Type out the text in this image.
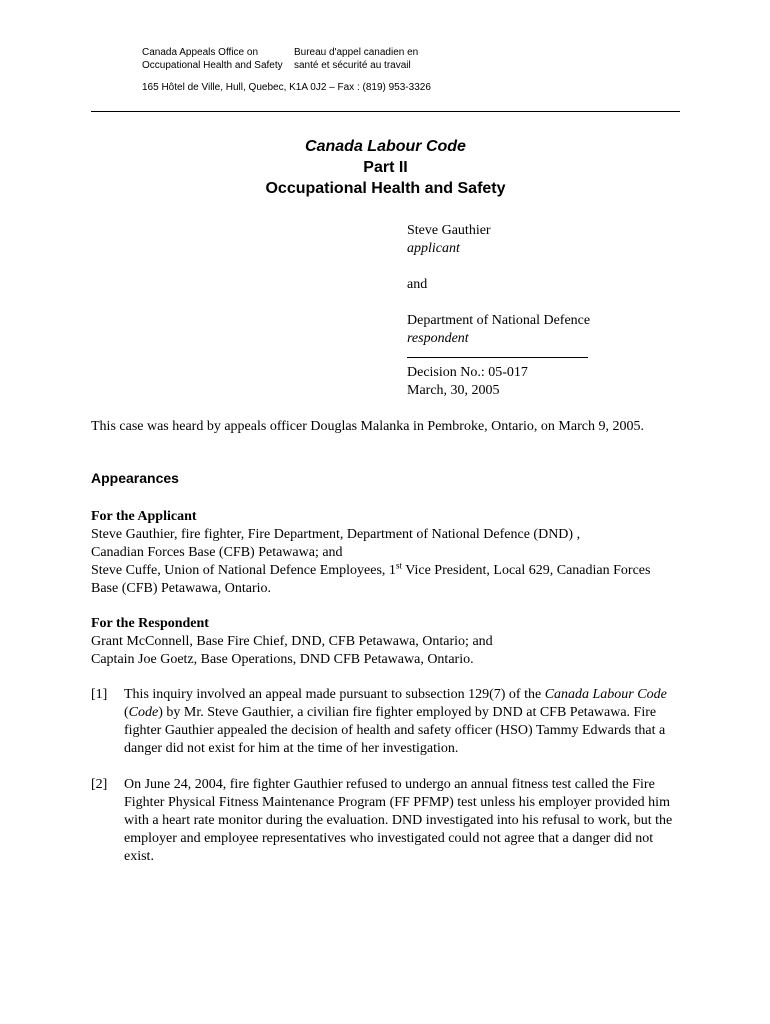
Canada Appeals Office on
Occupational Health and Safety
Bureau d'appel canadien en
santé et sécurité au travail
165 Hôtel de Ville, Hull, Quebec, K1A 0J2 – Fax : (819) 953-3326
Canada Labour Code
Part II
Occupational Health and Safety
Steve Gauthier
applicant
and
Department of National Defence
respondent
Decision No.: 05-017
March, 30, 2005
This case was heard by appeals officer Douglas Malanka in Pembroke, Ontario, on March 9, 2005.
Appearances
For the Applicant
Steve Gauthier, fire fighter, Fire Department, Department of National Defence (DND) ,
Canadian Forces Base (CFB) Petawawa; and
Steve Cuffe, Union of National Defence Employees, 1st Vice President, Local 629, Canadian Forces Base (CFB) Petawawa, Ontario.
For the Respondent
Grant McConnell, Base Fire Chief, DND, CFB Petawawa, Ontario; and
Captain Joe Goetz, Base Operations, DND CFB Petawawa, Ontario.
[1] This inquiry involved an appeal made pursuant to subsection 129(7) of the Canada Labour Code (Code) by Mr. Steve Gauthier, a civilian fire fighter employed by DND at CFB Petawawa. Fire fighter Gauthier appealed the decision of health and safety officer (HSO) Tammy Edwards that a danger did not exist for him at the time of her investigation.
[2] On June 24, 2004, fire fighter Gauthier refused to undergo an annual fitness test called the Fire Fighter Physical Fitness Maintenance Program (FF PFMP) test unless his employer provided him with a heart rate monitor during the evaluation. DND investigated into his refusal to work, but the employer and employee representatives who investigated could not agree that a danger did not exist.
